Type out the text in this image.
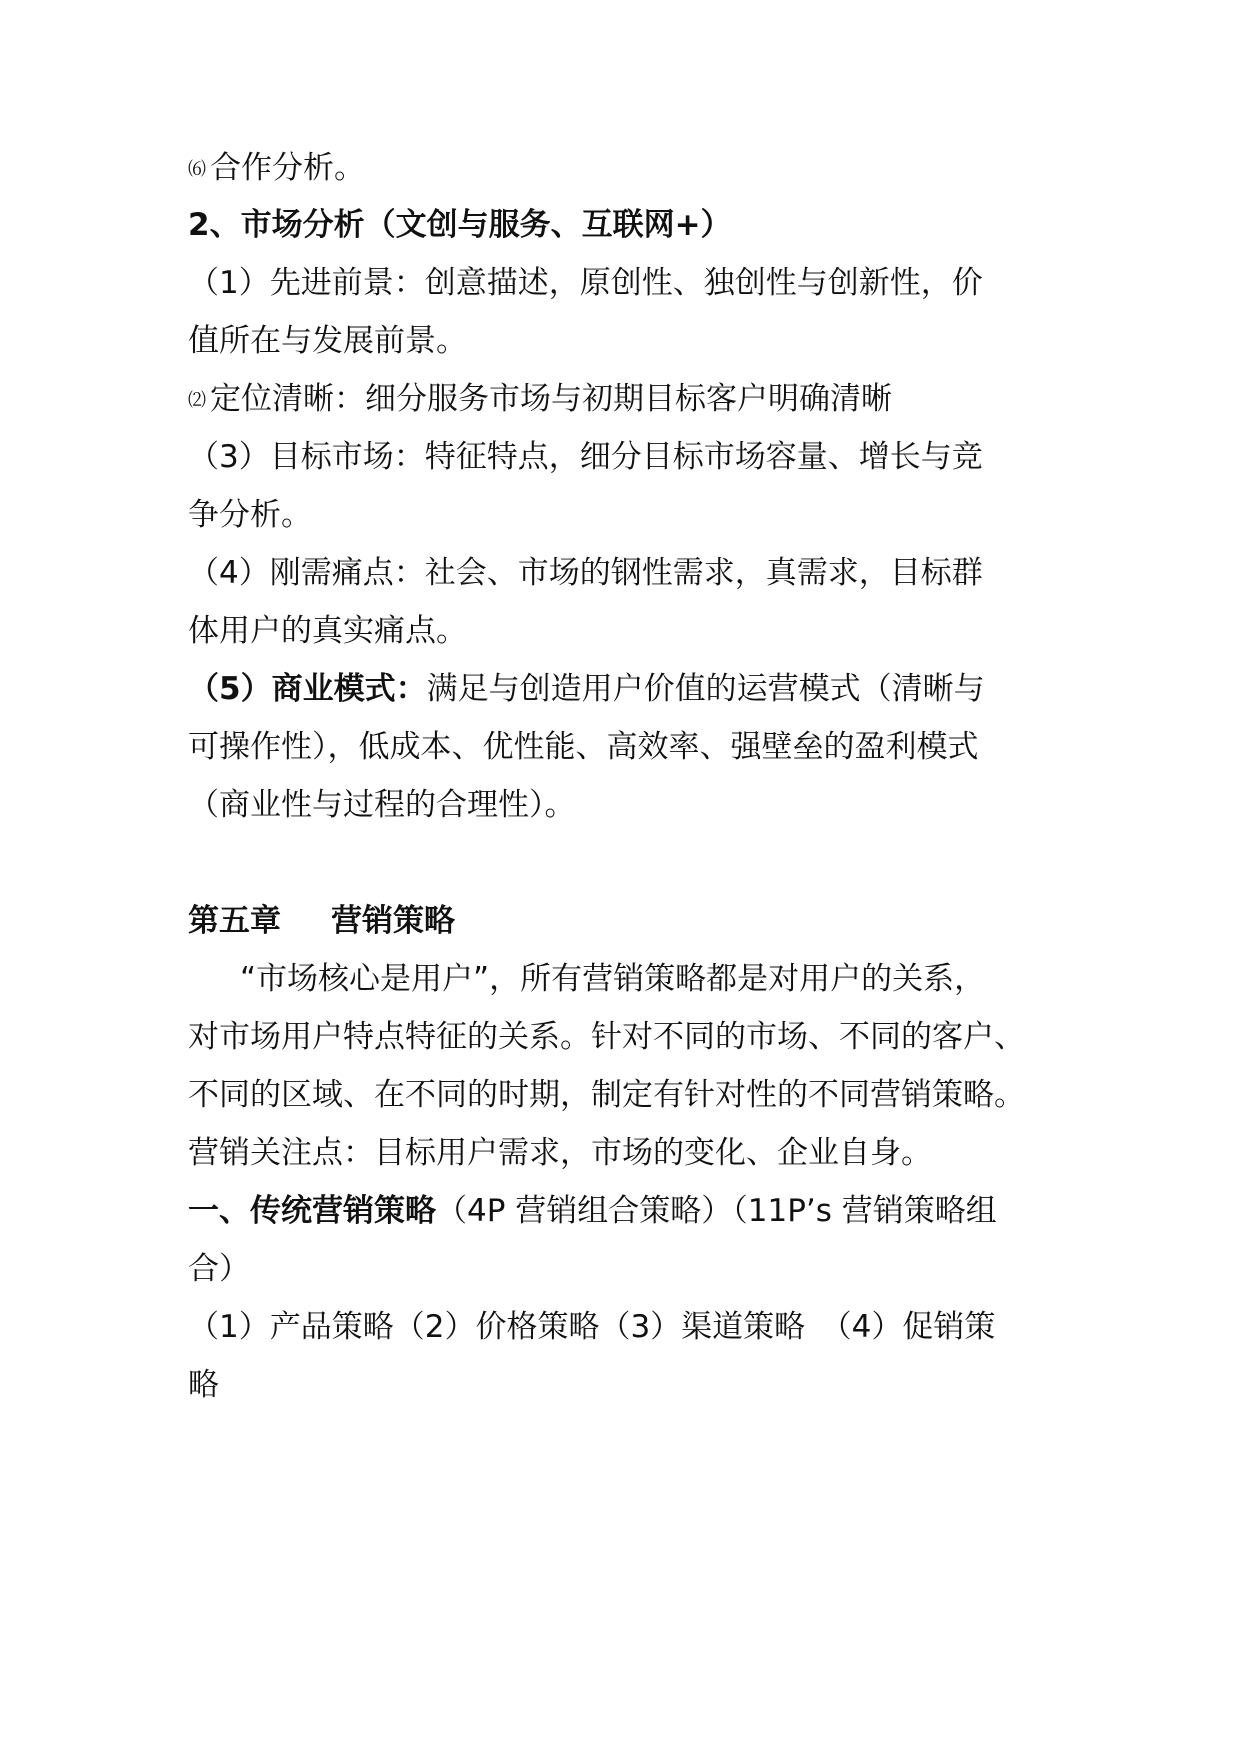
⑹ 合作分析。
2、市场分析（文创与服务、互联网+）
（1）先进前景：创意描述，原创性、独创性与创新性，价
值所在与发展前景。
⑵ 定位清晰：细分服务市场与初期目标客户明确清晰
（3）目标市场：特征特点，细分目标市场容量、增长与竞
争分析。
（4）刚需痛点：社会、市场的钢性需求，真需求，目标群
体用户的真实痛点。
（5）商业模式：满足与创造用户价值的运营模式（清晰与
可操作性），低成本、优性能、高效率、强壁垒的盈利模式
（商业性与过程的合理性）。
第五章 营销策略
“市场核心是用户”，所有营销策略都是对用户的关系，
对市场用户特点特征的关系。针对不同的市场、不同的客户、
不同的区域、在不同的时期，制定有针对性的不同营销策略。
营销关注点：目标用户需求，市场的变化、企业自身。
一、传统营销策略（4P 营销组合策略）（11P’s 营销策略组
合）
（1）产品策略（2）价格策略（3）渠道策略　（4）促销策
略
